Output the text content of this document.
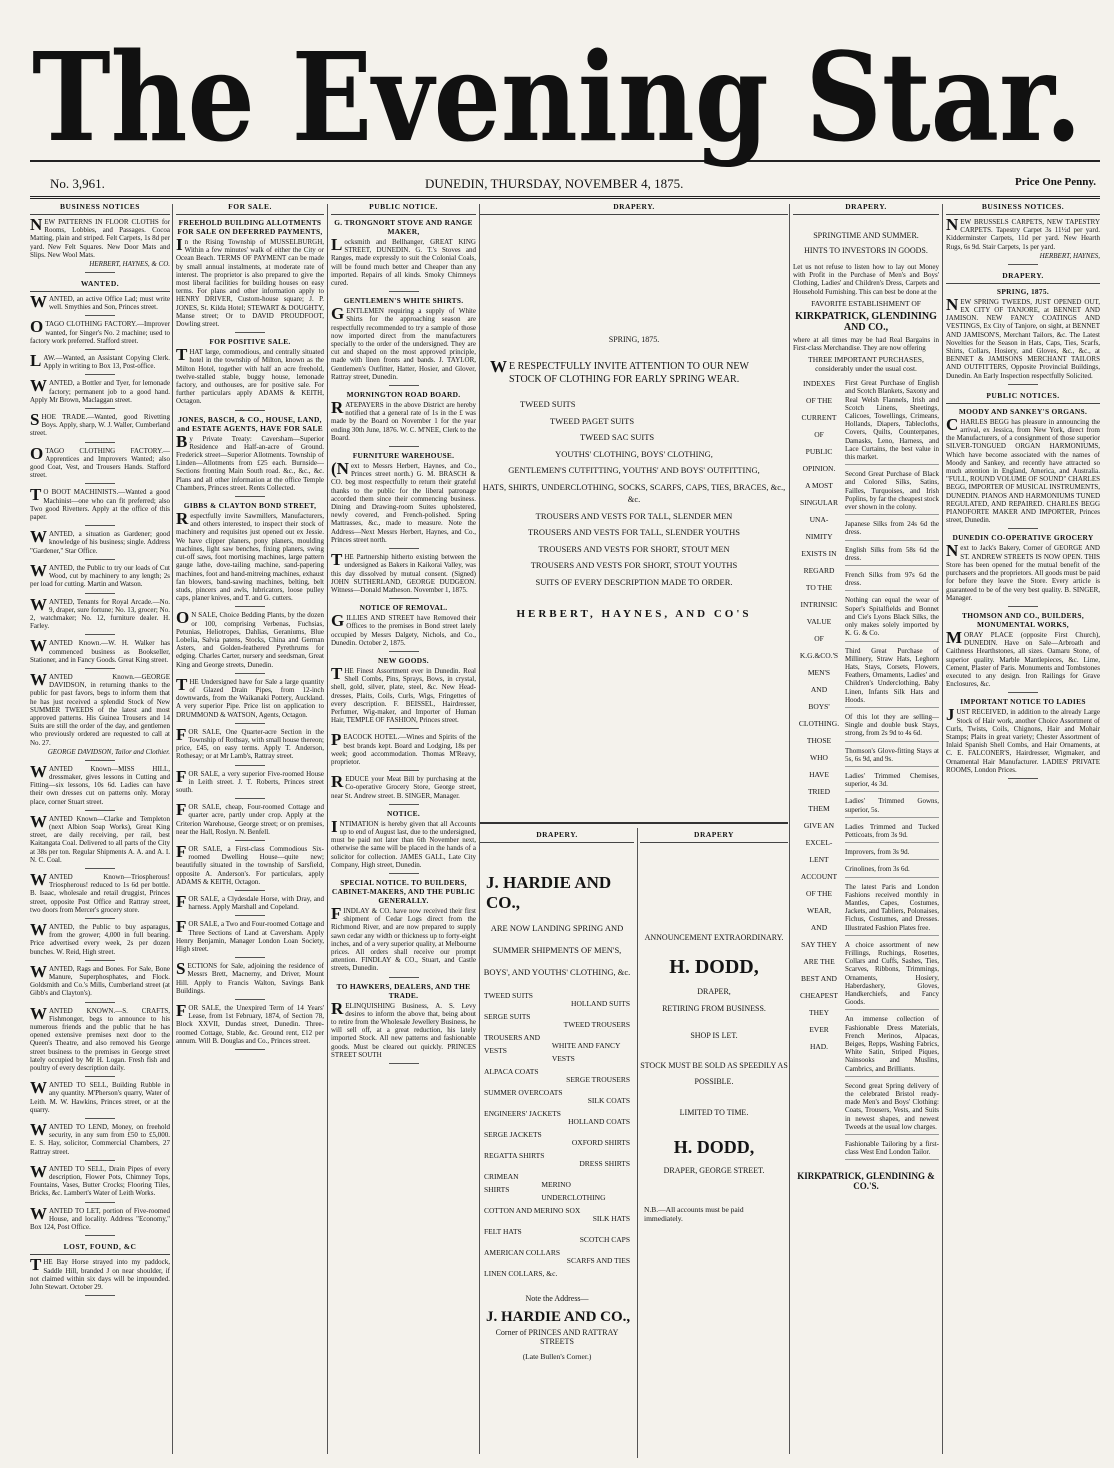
The Evening Star.
No. 3,961.	DUNEDIN, THURSDAY, NOVEMBER 4, 1875.	Price One Penny.
BUSINESS NOTICES

NEW PATTERNS IN FLOOR CLOTHS for Rooms, Lobbies, and Passages. Cocoa Matting, plain and striped. Felt Carpets, 1s 8d per yard. New Felt Squares. New Door Mats and Slips. New Wool Mats.

HERBERT, HAYNES, & CO.

WANTED.

WANTED, an active Office Lad; must write well. Smythies and Son, Princes street.

OTAGO CLOTHING FACTORY.—Improver wanted, for Singer's No. 2 machine; used to factory work preferred. Stafford street.

LAW.—Wanted, an Assistant Copying Clerk. Apply in writing to Box 13, Post-office.

WANTED, a Bottler and Tyer, for lemonade factory; permanent job to a good hand. Apply Mr Brown, Maclaggan street.

SHOE TRADE.—Wanted, good Rivetting Boys. Apply, sharp, W. J. Waller, Cumberland street.

OTAGO CLOTHING FACTORY.—Apprentices and Improvers Wanted; also good Coat, Vest, and Trousers Hands. Stafford street.

TO BOOT MACHINISTS.—Wanted a good Machinist—one who can fit preferred; also Two good Rivetters. Apply at the office of this paper.

WANTED, a situation as Gardener; good knowledge of his business; single. Address "Gardener," Star Office.

WANTED, the Public to try our loads of Cut Wood, cut by machinery to any length; 2s per load for cutting. Martin and Watson.

WANTED, Tenants for Royal Arcade.—No. 9, draper, sure fortune; No. 13, grocer; No. 2, watchmaker; No. 12, furniture dealer. H. Farley.

WANTED Known.—W. H. Walker has commenced business as Bookseller, Stationer, and in Fancy Goods. Great King street.

WANTED Known.—GEORGE DAVIDSON, in returning thanks to the public for past favors, begs to inform them that he has just received a splendid Stock of New SUMMER TWEEDS of the latest and most approved patterns. His Guinea Trousers and 14 Suits are still the order of the day, and gentlemen who previously ordered are requested to call at No. 27.

GEORGE DAVIDSON, Tailor and Clothier.

WANTED Known—MISS HILL, dressmaker, gives lessons in Cutting and Fitting—six lessons, 10s 6d. Ladies can have their own dresses cut on patterns only. Moray place, corner Stuart street.

WANTED Known—Clarke and Templeton (next Albion Soap Works), Great King street, are daily receiving, per rail, best Kaitangata Coal. Delivered to all parts of the City at 38s per ton. Regular Shipments A. A. and A. I. N. C. Coal.

WANTED Known—Triospherous! Triospherous! reduced to 1s 6d per bottle. B. Isaac, wholesale and retail druggist, Princes street, opposite Post Office and Rattray street, two doors from Mercer's grocery store.

WANTED, the Public to buy asparagus, from the grower; 4,000 in full bearing. Price advertised every week, 2s per dozen bunches. W. Reid, High street.

WANTED, Rags and Bones. For Sale, Bone Manure, Superphosphates, and Flock. Goldsmith and Co.'s Mills, Cumberland street (at Gibb's and Clayton's).

WANTED KNOWN.—S. CRAFTS, Fishmonger, begs to announce to his numerous friends and the public that he has opened extensive premises next door to the Queen's Theatre, and also removed his George street business to the premises in George street lately occupied by Mr H. Logan. Fresh fish and poultry of every description daily.

WANTED TO SELL, Building Rubble in any quantity. M'Pherson's quarry, Water of Leith. M. W. Hawkins, Princes street, or at the quarry.

WANTED TO LEND, Money, on freehold security, in any sum from £50 to £5,000. E. S. Hay, solicitor, Commercial Chambers, 27 Rattray street.

WANTED TO SELL, Drain Pipes of every description, Flower Pots, Chimney Tops, Fountains, Vases, Butter Crocks; Flooring Tiles, Bricks, &c. Lambert's Water of Leith Works.

WANTED TO LET, portion of Five-roomed House, and locality. Address "Economy," Box 124, Post Office.

LOST, FOUND, &C

THE Bay Horse strayed into my paddock, Saddle Hill, branded J on near shoulder, if not claimed within six days will be impounded. John Stewart. October 29.

FOR SALE.
FREEHOLD BUILDING ALLOTMENTS FOR SALE ON DEFERRED PAYMENTS,

In the Rising Township of MUSSELBURGH, Within a few minutes' walk of either the City or Ocean Beach. TERMS OF PAYMENT can be made by small annual instalments, at moderate rate of interest. The proprietor is also prepared to give the most liberal facilities for building houses on easy terms. For plans and other information apply to HENRY DRIVER, Custom-house square; J. P. JONES, St. Kilda Hotel; STEWART & DOUGHTY, Manse street; Or to DAVID PROUDFOOT, Dowling street.

FOR POSITIVE SALE.

THAT large, commodious, and centrally situated hotel in the township of Milton, known as the Milton Hotel, together with half an acre freehold, twelve-stalled stable, buggy house, lemonade factory, and outhouses, are for positive sale. For further particulars apply ADAMS & KEITH, Octagon.

JONES, BASCH, & CO., HOUSE, LAND, and ESTATE AGENTS, HAVE FOR SALE

By Private Treaty: Caversham—Superior Residence and Half-an-acre of Ground. Frederick street—Superior Allotments. Township of Linden—Allotments from £25 each. Burnside—Sections fronting Main South road. &c., &c., &c. Plans and all other information at the office Temple Chambers, Princes street. Rents Collected.

GIBBS & CLAYTON BOND STREET,

Respectfully invite Sawmillers, Manufacturers, and others interested, to inspect their stock of machinery and requisites just opened out ex Jessie. We have clipper planers, pony planers, moulding machines, light saw benches, fixing planers, swing cut-off saws, foot mortising machines, large pattern gauge lathe, dove-tailing machine, sand-papering machines, foot and hand-mitreing machines, exhaust fan blowers, band-sawing machines, belting, belt studs, pincers and awls, lubricators, loose pulley caps, planer knives, and T. and G. cutters.

ON SALE, Choice Bedding Plants, by the dozen or 100, comprising Verbenas, Fuchsias, Petunias, Heliotropes, Dahlias, Geraniums, Blue Lobelia, Salvia patens, Stocks, China and German Asters, and Golden-feathered Pyrethrums for edging. Charles Carter, nursery and seedsman, Great King and George streets, Dunedin.

THE Undersigned have for Sale a large quantity of Glazed Drain Pipes, from 12-inch downwards, from the Waikanaki Pottery, Auckland. A very superior Pipe. Price list on application to DRUMMOND & WATSON, Agents, Octagon.

FOR SALE, One Quarter-acre Section in the Township of Rothsay, with small house thereon; price, £45, on easy terms. Apply T. Anderson, Rothesay; or at Mr Lamb's, Rattray street.

FOR SALE, a very superior Five-roomed House in Leith street. J. T. Roberts, Princes street south.

FOR SALE, cheap, Four-roomed Cottage and quarter acre, partly under crop. Apply at the Criterion Warehouse, George street; or on premises, near the Hall, Roslyn. N. Benfell.

FOR SALE, a First-class Commodious Six-roomed Dwelling House—quite new; beautifully situated in the township of Sarsfield, opposite A. Anderson's. For particulars, apply ADAMS & KEITH, Octagon.

FOR SALE, a Clydesdale Horse, with Dray, and harness. Apply Marshall and Copeland.

FOR SALE, a Two and Four-roomed Cottage and Three Sections of Land at Caversham. Apply Henry Benjamin, Manager London Loan Society, High street.

SECTIONS for Sale, adjoining the residence of Messrs Brett, Macnerny, and Driver, Mount Hill. Apply to Francis Walton, Savings Bank Buildings.

FOR SALE, the Unexpired Term of 14 Years' Lease, from 1st February, 1874, of Section 78, Block XXVII, Dundas street, Dunedin. Three-roomed Cottage, Stable, &c. Ground rent, £12 per annum. Will B. Douglas and Co., Princes street.

PUBLIC NOTICE.
G. TRONGNORT STOVE AND RANGE MAKER,

Locksmith and Bellhanger, GREAT KING STREET, DUNEDIN. G. T.'s Stoves and Ranges, made expressly to suit the Colonial Coals, will be found much better and Cheaper than any imported. Repairs of all kinds. Smoky Chimneys cured.

GENTLEMEN'S WHITE SHIRTS.

GENTLEMEN requiring a supply of White Shirts for the approaching season are respectfully recommended to try a sample of those now imported direct from the manufacturers specially to the order of the undersigned. They are cut and shaped on the most approved principle, made with linen fronts and bands. J. TAYLOR, Gentlemen's Outfitter, Hatter, Hosier, and Glover, Rattray street, Dunedin.

MORNINGTON ROAD BOARD.

RATEPAYERS in the above District are hereby notified that a general rate of 1s in the £ was made by the Board on November 1 for the year ending 30th June, 1876. W. C. M'NEE, Clerk to the Board.

FURNITURE WAREHOUSE.

(Next to Messrs Herbert, Haynes, and Co., Princes street north.) G. M. BRASCH & CO. beg most respectfully to return their grateful thanks to the public for the liberal patronage accorded them since their commencing business. Dining and Drawing-room Suites upholstered, newly covered, and French-polished. Spring Mattrasses, &c., made to measure. Note the Address—Next Messrs Herbert, Haynes, and Co., Princes street north.

THE Partnership hitherto existing between the undersigned as Bakers in Kaikorai Valley, was this day dissolved by mutual consent. (Signed) JOHN SUTHERLAND, GEORGE DUDGEON. Witness—Donald Matheson. November 1, 1875.

NOTICE OF REMOVAL.

GILLIES AND STREET have Removed their Offices to the premises in Bond street lately occupied by Messrs Dalgety, Nichols, and Co., Dunedin. October 2, 1875.

NEW GOODS.

THE Finest Assortment ever in Dunedin. Real Shell Combs, Pins, Sprays, Bows, in crystal, shell, gold, silver, plate, steel, &c. New Head-dresses, Plaits, Coils, Curls, Wigs, Fringettes of every description. F. BEISSEL, Hairdresser, Perfumer, Wig-maker, and Importer of Human Hair, TEMPLE OF FASHION, Princes street.

PEACOCK HOTEL.—Wines and Spirits of the best brands kept. Board and Lodging, 18s per week; good accommodation. Thomas M'Reavy, proprietor.

REDUCE your Meat Bill by purchasing at the Co-operative Grocery Store, George street, near St. Andrew street. B. SINGER, Manager.

NOTICE.

INTIMATION is hereby given that all Accounts up to end of August last, due to the undersigned, must be paid not later than 6th November next, otherwise the same will be placed in the hands of a solicitor for collection. JAMES GALL, Late City Company, High street, Dunedin.

SPECIAL NOTICE. TO BUILDERS, CABINET-MAKERS, AND THE PUBLIC GENERALLY.

FINDLAY & CO. have now received their first shipment of Cedar Logs direct from the Richmond River, and are now prepared to supply sawn cedar any width or thickness up to forty-eight inches, and of a very superior quality, at Melbourne prices. All orders shall receive our prompt attention. FINDLAY & CO., Stuart, and Castle streets, Dunedin.

TO HAWKERS, DEALERS, AND THE TRADE.

RELINQUISHING Business, A. S. Levy desires to inform the above that, being about to retire from the Wholesale Jewellery Business, he will sell off, at a great reduction, his lately imported Stock. All new patterns and fashionable goods. Must be cleared out quickly. PRINCES STREET SOUTH

DRAPERY.

SPRING, 1875.

WE RESPECTFULLY INVITE ATTENTION TO OUR NEW STOCK OF CLOTHING FOR EARLY SPRING WEAR.

TWEED SUITS

TWEED PAGET SUITS

TWEED SAC SUITS

YOUTHS' CLOTHING, BOYS' CLOTHING,

GENTLEMEN'S CUTFITTING, YOUTHS' AND BOYS' OUTFITTING,

HATS, SHIRTS, UNDERCLOTHING, SOCKS, SCARFS, CAPS, TIES, BRACES, &c., &c.

TROUSERS AND VESTS FOR TALL, SLENDER MEN

TROUSERS AND VESTS FOR TALL, SLENDER YOUTHS

TROUSERS AND VESTS FOR SHORT, STOUT MEN

TROUSERS AND VESTS FOR SHORT, STOUT YOUTHS

SUITS OF EVERY DESCRIPTION MADE TO ORDER.

HERBERT, HAYNES, AND CO'S

DRAPERY.

J. HARDIE AND CO.,

ARE NOW LANDING SPRING AND SUMMER SHIPMENTS OF MEN'S, BOYS', AND YOUTHS' CLOTHING, &c.

TWEED SUITS
HOLLAND SUITS
SERGE SUITS
TWEED TROUSERS
TROUSERS AND VESTS
WHITE AND FANCY VESTS
ALPACA COATS
SERGE TROUSERS
SUMMER OVERCOATS
SILK COATS
ENGINEERS' JACKETS
HOLLAND COATS
SERGE JACKETS
OXFORD SHIRTS
REGATTA SHIRTS
DRESS SHIRTS
CRIMEAN SHIRTS
MERINO UNDERCLOTHING
COTTON AND MERINO SOX
SILK HATS
FELT HATS
SCOTCH CAPS
AMERICAN COLLARS
SCARFS AND TIES
LINEN COLLARS, &c.

Note the Address—

J. HARDIE AND CO.,

Corner of PRINCES AND RATTRAY STREETS

(Late Bullen's Corner.)

DRAPERY

ANNOUNCEMENT EXTRAORDINARY.

H. DODD,

DRAPER,

RETIRING FROM BUSINESS.

SHOP IS LET.

STOCK MUST BE SOLD AS SPEEDILY AS POSSIBLE.

LIMITED TO TIME.

H. DODD,

DRAPER, GEORGE STREET.

N.B.—All accounts must be paid immediately.

DRAPERY.

SPRINGTIME AND SUMMER.

HINTS TO INVESTORS IN GOODS.

Let us not refuse to listen how to lay out Money with Profit in the Purchase of Men's and Boys' Clothing, Ladies' and Children's Dress, Carpets and Household Furnishing. This can best be done at the

FAVORITE ESTABLISHMENT OF

KIRKPATRICK, GLENDINING AND CO.,

where at all times may be had Real Bargains in First-class Merchandise. They are now offering

THREE IMPORTANT PURCHASES, considerably under the usual cost.

INDEXES

OF THE

CURRENT

OF

PUBLIC

OPINION.

A MOST

SINGULAR

UNA-

NIMITY

EXISTS IN

REGARD

TO THE

INTRINSIC

VALUE

OF

K.G.&CO.'S

MEN'S

AND

BOYS'

CLOTHING.

THOSE

WHO

HAVE

TRIED

THEM

GIVE AN

EXCEL-

LENT

ACCOUNT

OF THE

WEAR,

AND

SAY THEY

ARE THE

BEST AND

CHEAPEST

THEY

EVER

HAD.

First Great Purchase of English and Scotch Blankets, Saxony and Real Welsh Flannels, Irish and Scotch Linens, Sheetings, Calicoes, Towellings, Crimeans, Hollands, Diapers, Tablecloths, Covers, Quilts, Counterpanes, Damasks, Leno, Harness, and Lace Curtains, the best value in this market.

Second Great Purchase of Black and Colored Silks, Satins, Failles, Turquoises, and Irish Poplins, by far the cheapest stock ever shown in the colony.

Japanese Silks from 24s 6d the dress.

English Silks from 58s 6d the dress.

French Silks from 97s 6d the dress.

Nothing can equal the wear of Soper's Spitalfields and Bonnet and Cie's Lyons Black Silks, the only makes solely imported by K. G. & Co.

Third Great Purchase of Millinery, Straw Hats, Leghorn Hats, Stays, Corsets, Flowers, Feathers, Ornaments, Ladies' and Children's Underclothing, Baby Linen, Infants Silk Hats and Hoods.

Of this lot they are selling—Single and double busk Stays, strong, from 2s 9d to 4s 6d.

Thomson's Glove-fitting Stays at 5s, 6s 9d, and 9s.

Ladies' Trimmed Chemises, superior, 4s 3d.

Ladies' Trimmed Gowns, superior, 5s.

Ladies Trimmed and Tucked Petticoats, from 3s 9d.

Improvers, from 3s 9d.

Crinolines, from 3s 6d.

The latest Paris and London Fashions received monthly in Mantles, Capes, Costumes, Jackets, and Tabliers, Polonaises, Fichus, Costumes, and Dresses. Illustrated Fashion Plates free.

A choice assortment of new Frillings, Ruchings, Rosettes, Collars and Cuffs, Sashes, Ties, Scarves, Ribbons, Trimmings, Ornaments, Hosiery, Haberdashery, Gloves, Handkerchiefs, and Fancy Goods.

An immense collection of Fashionable Dress Materials, French Merinos, Alpacas, Beiges, Repps, Washing Fabrics, White Satin, Striped Piques, Nainsooks and Muslins, Cambrics, and Brilliants.

Second great Spring delivery of the celebrated Bristol ready-made Men's and Boys' Clothing: Coats, Trousers, Vests, and Suits in newest shapes, and newest Tweeds at the usual low charges.

Fashionable Tailoring by a first-class West End London Tailor.

KIRKPATRICK, GLENDINING & CO.'S.

BUSINESS NOTICES.

NEW BRUSSELS CARPETS, NEW TAPESTRY CARPETS. Tapestry Carpet 3s 11½d per yard. Kidderminster Carpets, 11d per yard. New Hearth Rugs, 6s 9d. Stair Carpets, 1s per yard.

HERBERT, HAYNES,

DRAPERY.
SPRING, 1875.

NEW SPRING TWEEDS, JUST OPENED OUT, EX CITY OF TANJORE, at BENNET AND JAMISON. NEW FANCY COATINGS AND VESTINGS, Ex City of Tanjore, on sight, at BENNET AND JAMISON'S, Merchant Tailors, &c. The Latest Novelties for the Season in Hats, Caps, Ties, Scarfs, Shirts, Collars, Hosiery, and Gloves, &c., &c., at BENNET & JAMISONS MERCHANT TAILORS AND OUTFITTERS, Opposite Provincial Buildings, Dunedin. An Early Inspection respectfully Solicited.

PUBLIC NOTICES.
MOODY AND SANKEY'S ORGANS.

CHARLES BEGG has pleasure in announcing the arrival, ex Jessica, from New York, direct from the Manufacturers, of a consignment of those superior SILVER-TONGUED ORGAN HARMONIUMS, Which have become associated with the names of Moody and Sankey, and recently have attracted so much attention in England, America, and Australia. "FULL, ROUND VOLUME OF SOUND" CHARLES BEGG, IMPORTER OF MUSICAL INSTRUMENTS, DUNEDIN. PIANOS AND HARMONIUMS TUNED REGULATED, AND REPAIRED. CHARLES BEGG PIANOFORTE MAKER AND IMPORTER, Princes street, Dunedin.

DUNEDIN CO-OPERATIVE GROCERY

Next to Jack's Bakery, Corner of GEORGE AND ST. ANDREW STREETS IS NOW OPEN. THIS Store has been opened for the mutual benefit of the purchasers and the proprietors. All goods must be paid for before they leave the Store. Every article is guaranteed to be of the very best quality. B. SINGER, Manager.

THOMSON AND CO., BUILDERS, MONUMENTAL WORKS,

MORAY PLACE (opposite First Church), DUNEDIN. Have on Sale—Arbroath and Caithness Hearthstones, all sizes. Oamaru Stone, of superior quality. Marble Mantlepieces, &c. Lime, Cement, Plaster of Paris. Monuments and Tombstones executed to any design. Iron Railings for Grave Enclosures, &c.

IMPORTANT NOTICE TO LADIES

JUST RECEIVED, in addition to the already Large Stock of Hair work, another Choice Assortment of Curls, Twists, Coils, Chignons, Hair and Mohair Stamps; Plaits in great variety; Chester Assortment of Inlaid Spanish Shell Combs, and Hair Ornaments, at C. E. FALCONER'S, Hairdresser, Wigmaker, and Ornamental Hair Manufacturer. LADIES' PRIVATE ROOMS, London Prices.
